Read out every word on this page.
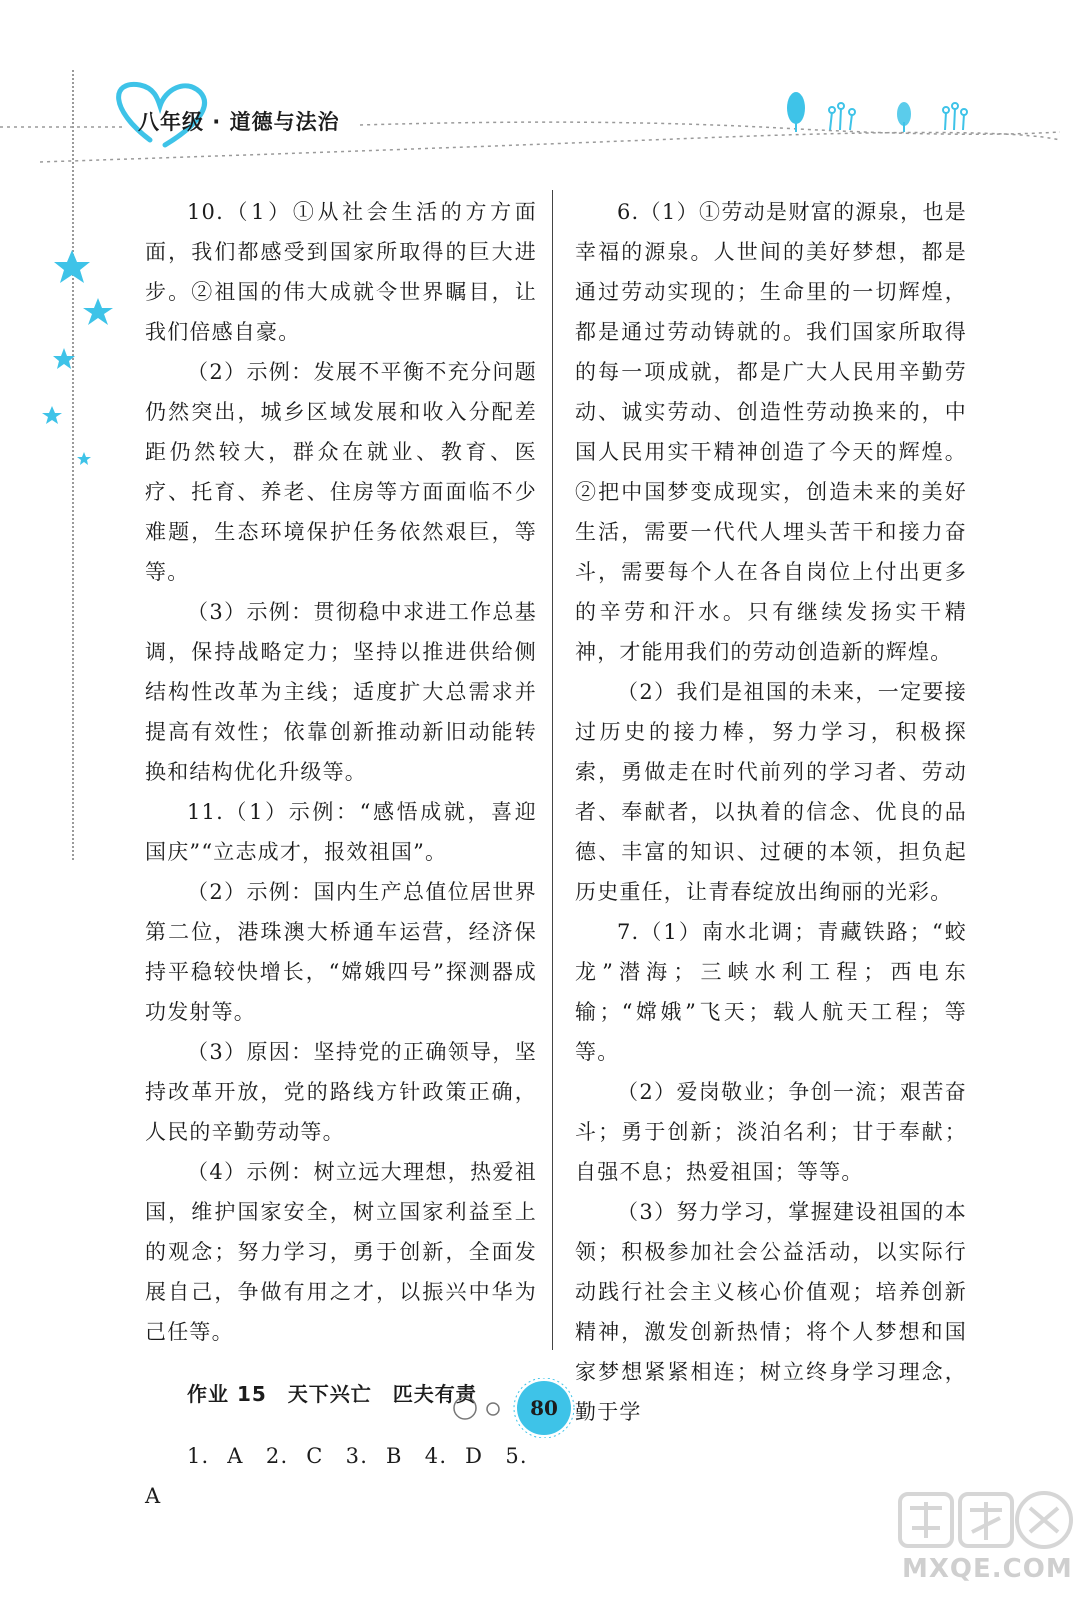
八年级 · 道德与法治

10.（1）①从社会生活的方方面面，我们都感受到国家所取得的巨大进步。②祖国的伟大成就令世界瞩目，让我们倍感自豪。

（2）示例：发展不平衡不充分问题仍然突出，城乡区域发展和收入分配差距仍然较大，群众在就业、教育、医疗、托育、养老、住房等方面面临不少难题，生态环境保护任务依然艰巨，等等。

（3）示例：贯彻稳中求进工作总基调，保持战略定力；坚持以推进供给侧结构性改革为主线；适度扩大总需求并提高有效性；依靠创新推动新旧动能转换和结构优化升级等。

11.（1）示例：“感悟成就，喜迎国庆”“立志成才，报效祖国”。

（2）示例：国内生产总值位居世界第二位，港珠澳大桥通车运营，经济保持平稳较快增长，“嫦娥四号”探测器成功发射等。

（3）原因：坚持党的正确领导，坚持改革开放，党的路线方针政策正确，人民的辛勤劳动等。

（4）示例：树立远大理想，热爱祖国，维护国家安全，树立国家利益至上的观念；努力学习，勇于创新，全面发展自己，争做有用之才，以振兴中华为己任等。

作业 15　天下兴亡　匹夫有责

1. A　2. C　3. B　4. D　5. A

6.（1）①劳动是财富的源泉，也是幸福的源泉。人世间的美好梦想，都是通过劳动实现的；生命里的一切辉煌，都是通过劳动铸就的。我们国家所取得的每一项成就，都是广大人民用辛勤劳动、诚实劳动、创造性劳动换来的，中国人民用实干精神创造了今天的辉煌。②把中国梦变成现实，创造未来的美好生活，需要一代代人埋头苦干和接力奋斗，需要每个人在各自岗位上付出更多的辛劳和汗水。只有继续发扬实干精神，才能用我们的劳动创造新的辉煌。

（2）我们是祖国的未来，一定要接过历史的接力棒，努力学习，积极探索，勇做走在时代前列的学习者、劳动者、奉献者，以执着的信念、优良的品德、丰富的知识、过硬的本领，担负起历史重任，让青春绽放出绚丽的光彩。

7.（1）南水北调；青藏铁路；“蛟龙”潜海；三峡水利工程；西电东输；“嫦娥”飞天；载人航天工程；等等。

（2）爱岗敬业；争创一流；艰苦奋斗；勇于创新；淡泊名利；甘于奉献；自强不息；热爱祖国；等等。

（3）努力学习，掌握建设祖国的本领；积极参加社会公益活动，以实际行动践行社会主义核心价值观；培养创新精神，激发创新热情；将个人梦想和国家梦想紧紧相连；树立终身学习理念，勤于学

80
MXQE.COM
